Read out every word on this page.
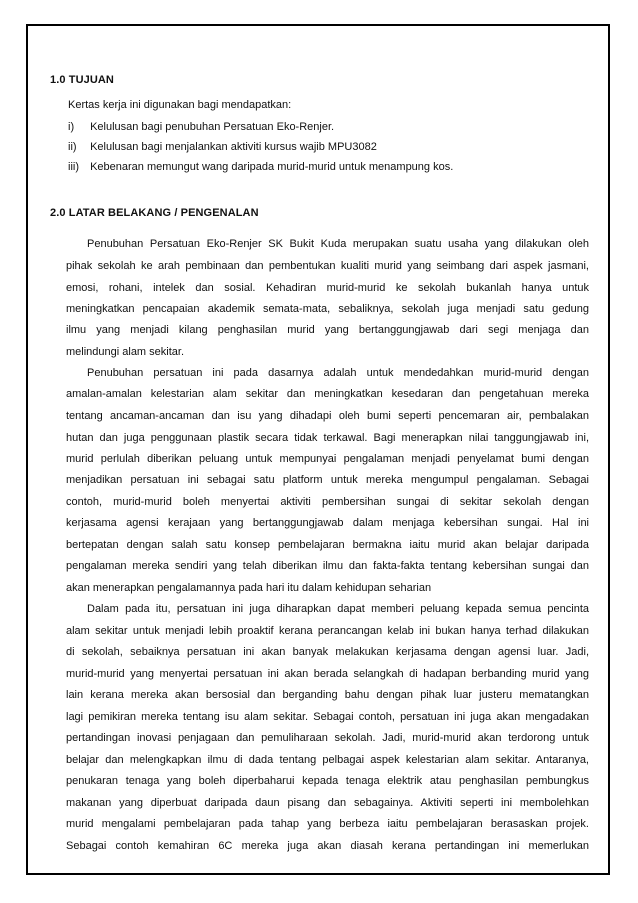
1.0 TUJUAN
Kertas kerja ini digunakan bagi mendapatkan:
i) Kelulusan bagi penubuhan Persatuan Eko-Renjer.
ii) Kelulusan bagi menjalankan aktiviti kursus wajib MPU3082
iii) Kebenaran memungut wang daripada murid-murid untuk menampung kos.
2.0 LATAR BELAKANG / PENGENALAN
Penubuhan Persatuan Eko-Renjer SK Bukit Kuda merupakan suatu usaha yang dilakukan oleh
pihak sekolah ke arah pembinaan dan pembentukan kualiti murid yang seimbang dari aspek jasmani,
emosi, rohani, intelek dan sosial. Kehadiran murid-murid ke sekolah bukanlah hanya untuk
meningkatkan pencapaian akademik semata-mata, sebaliknya, sekolah juga menjadi satu gedung
ilmu yang menjadi kilang penghasilan murid yang bertanggungjawab dari segi menjaga dan
melindungi alam sekitar.
Penubuhan persatuan ini pada dasarnya adalah untuk mendedahkan murid-murid dengan
amalan-amalan kelestarian alam sekitar dan meningkatkan kesedaran dan pengetahuan mereka
tentang ancaman-ancaman dan isu yang dihadapi oleh bumi seperti pencemaran air, pembalakan
hutan dan juga penggunaan plastik secara tidak terkawal. Bagi menerapkan nilai tanggungjawab ini,
murid perlulah diberikan peluang untuk mempunyai pengalaman menjadi penyelamat bumi dengan
menjadikan persatuan ini sebagai satu platform untuk mereka mengumpul pengalaman. Sebagai
contoh, murid-murid boleh menyertai aktiviti pembersihan sungai di sekitar sekolah dengan
kerjasama agensi kerajaan yang bertanggungjawab dalam menjaga kebersihan sungai. Hal ini
bertepatan dengan salah satu konsep pembelajaran bermakna iaitu murid akan belajar daripada
pengalaman mereka sendiri yang telah diberikan ilmu dan fakta-fakta tentang kebersihan sungai dan
akan menerapkan pengalamannya pada hari itu dalam kehidupan seharian
Dalam pada itu, persatuan ini juga diharapkan dapat memberi peluang kepada semua pencinta
alam sekitar untuk menjadi lebih proaktif kerana perancangan kelab ini bukan hanya terhad dilakukan
di sekolah, sebaiknya persatuan ini akan banyak melakukan kerjasama dengan agensi luar. Jadi,
murid-murid yang menyertai persatuan ini akan berada selangkah di hadapan berbanding murid yang
lain kerana mereka akan bersosial dan berganding bahu dengan pihak luar justeru mematangkan
lagi pemikiran mereka tentang isu alam sekitar. Sebagai contoh, persatuan ini juga akan mengadakan
pertandingan inovasi penjagaan dan pemuliharaan sekolah. Jadi, murid-murid akan terdorong untuk
belajar dan melengkapkan ilmu di dada tentang pelbagai aspek kelestarian alam sekitar. Antaranya,
penukaran tenaga yang boleh diperbaharui kepada tenaga elektrik atau penghasilan pembungkus
makanan yang diperbuat daripada daun pisang dan sebagainya. Aktiviti seperti ini membolehkan
murid mengalami pembelajaran pada tahap yang berbeza iaitu pembelajaran berasaskan projek.
Sebagai contoh kemahiran 6C mereka juga akan diasah kerana pertandingan ini memerlukan
